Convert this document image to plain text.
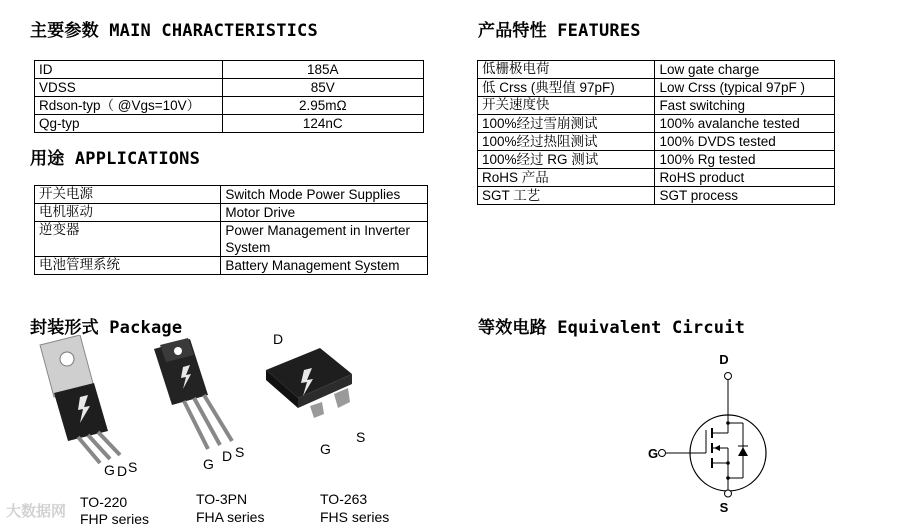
主要参数 MAIN CHARACTERISTICS
ID	185A
VDSS	85V
Rdson-typ（ @Vgs=10V）	2.95mΩ
Qg-typ	124nC
用途 APPLICATIONS
开关电源	Switch Mode Power Supplies
电机驱动	Motor Drive
逆变器	Power Management in Inverter System
电池管理系统	Battery Management System
产品特性 FEATURES
低栅极电荷	Low gate charge
低 Crss (典型值 97pF)	Low Crss (typical 97pF )
开关速度快	Fast switching
100%经过雪崩测试	100% avalanche tested
100%经过热阻测试	100% DVDS tested
100%经过 RG 测试	100% Rg tested
RoHS 产品	RoHS product
SGT 工艺	SGT process
封装形式 Package
G D S
TO-220
FHP series
G D S
TO-3PN
FHA series
D
G
S
TO-263
FHS series
等效电路 Equivalent Circuit
D
G
S
大数据网
